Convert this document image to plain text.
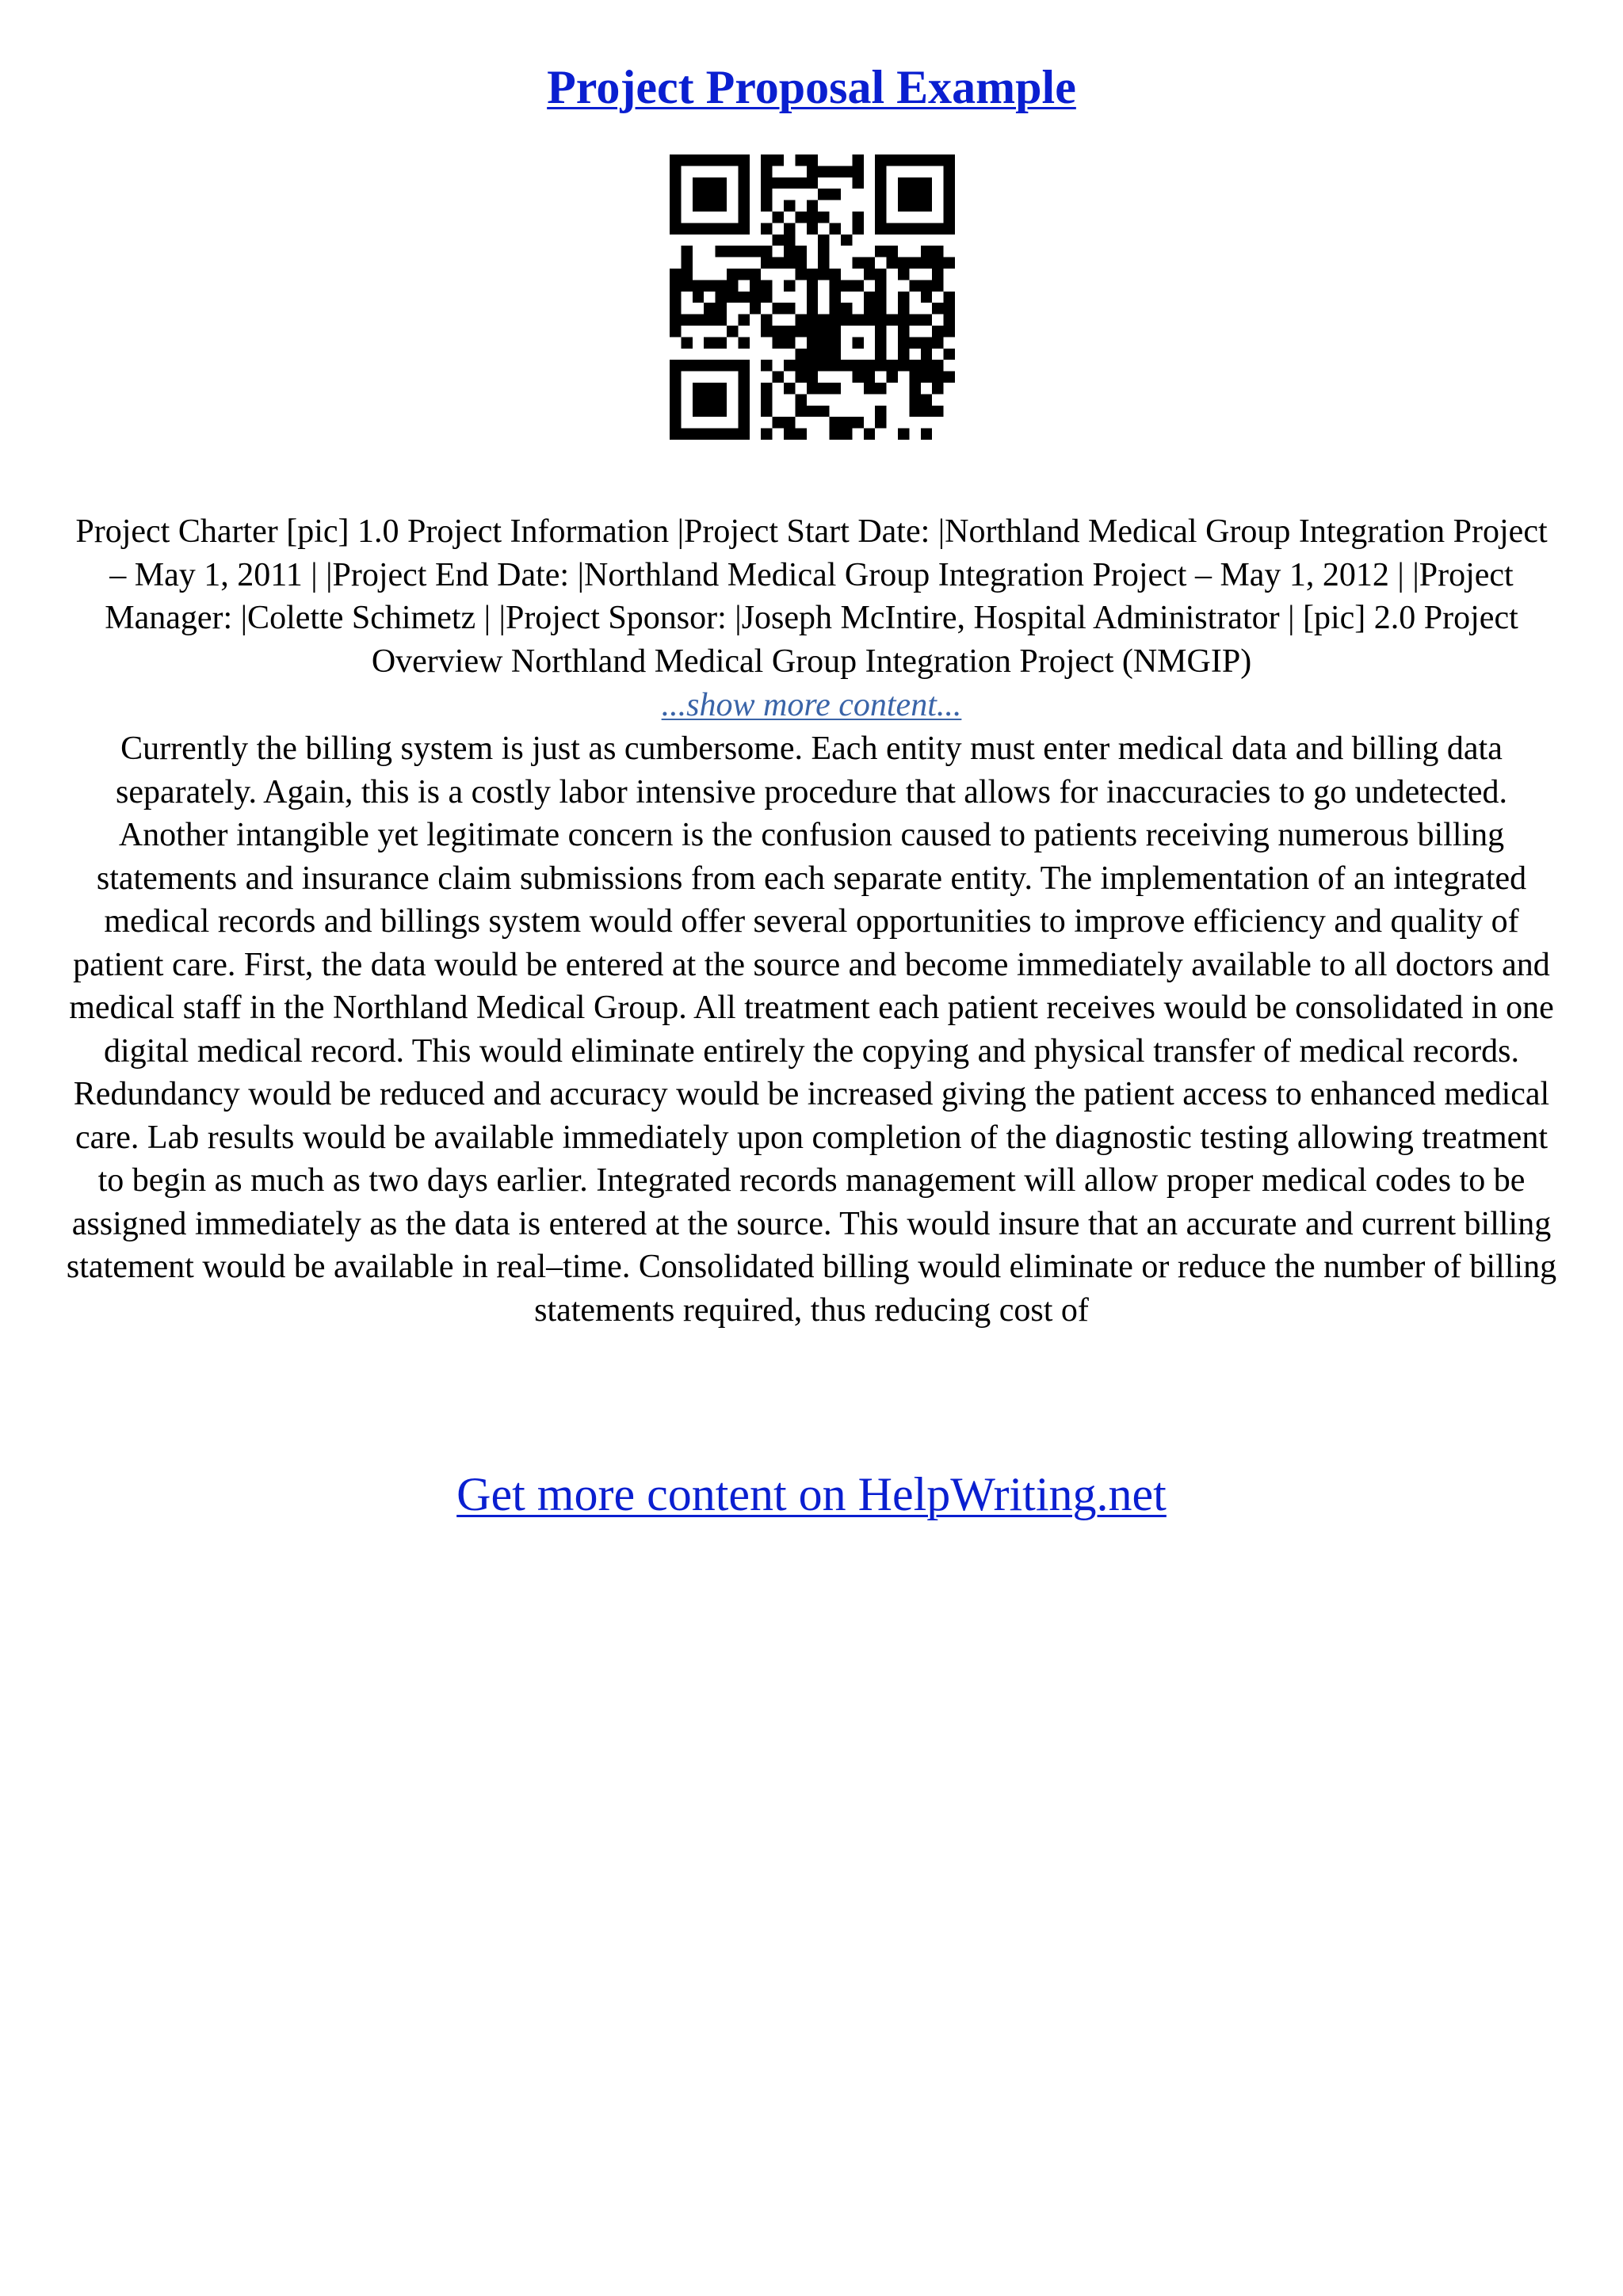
Project Proposal Example

Project Charter [pic] 1.0 Project Information |Project Start Date: |Northland Medical Group Integration Project – May 1, 2011 | |Project End Date: |Northland Medical Group Integration Project – May 1, 2012 | |Project Manager: |Colette Schimetz | |Project Sponsor: |Joseph McIntire, Hospital Administrator | [pic] 2.0 Project Overview Northland Medical Group Integration Project (NMGIP)

...show more content...

Currently the billing system is just as cumbersome. Each entity must enter medical data and billing data separately. Again, this is a costly labor intensive procedure that allows for inaccuracies to go undetected. Another intangible yet legitimate concern is the confusion caused to patients receiving numerous billing statements and insurance claim submissions from each separate entity. The implementation of an integrated medical records and billings system would offer several opportunities to improve efficiency and quality of patient care. First, the data would be entered at the source and become immediately available to all doctors and medical staff in the Northland Medical Group. All treatment each patient receives would be consolidated in one digital medical record. This would eliminate entirely the copying and physical transfer of medical records. Redundancy would be reduced and accuracy would be increased giving the patient access to enhanced medical care. Lab results would be available immediately upon completion of the diagnostic testing allowing treatment to begin as much as two days earlier. Integrated records management will allow proper medical codes to be assigned immediately as the data is entered at the source. This would insure that an accurate and current billing statement would be available in real–time. Consolidated billing would eliminate or reduce the number of billing statements required, thus reducing cost of

Get more content on HelpWriting.net
